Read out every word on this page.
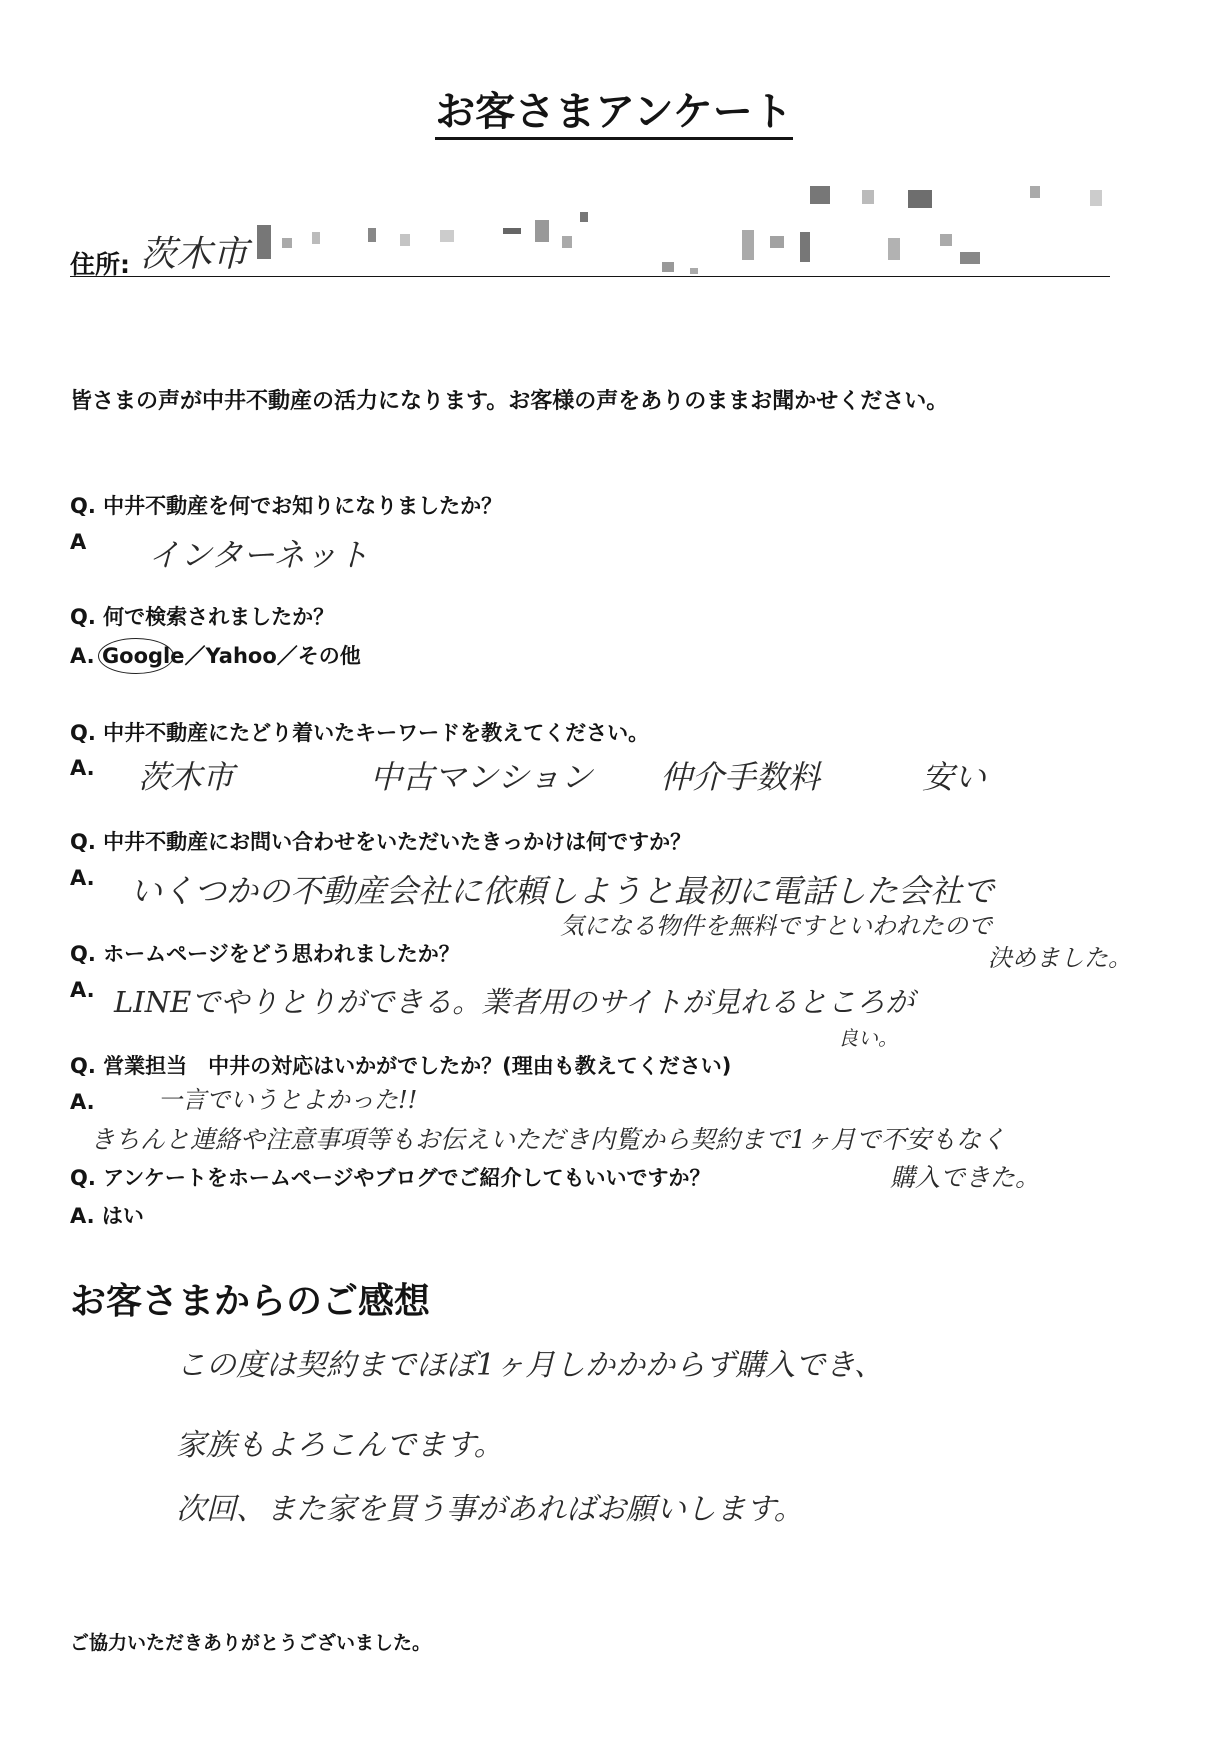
お客さまアンケート
住所: 茨木市
皆さまの声が中井不動産の活力になります。お客様の声をありのままお聞かせください。
Q. 中井不動産を何でお知りになりましたか？
A インターネット
Q. 何で検索されましたか？
A. Google／Yahoo／その他
Q. 中井不動産にたどり着いたキーワードを教えてください。
A. 茨木市	中古マンション 仲介手数料	安い
Q. 中井不動産にお問い合わせをいただいたきっかけは何ですか？
A. いくつかの不動産会社に依頼しようと最初に電話した会社で
気になる物件を無料ですといわれたので
決めました。
Q. ホームページをどう思われましたか？
A. LINEでやりとりができる。業者用のサイトが見れるところが
良い。
Q. 営業担当　中井の対応はいかがでしたか？(理由も教えてください)
A.	一言でいうとよかった!!
きちんと連絡や注意事項等もお伝えいただき内覧から契約まで1ヶ月で不安もなく
購入できた。
Q. アンケートをホームページやブログでご紹介してもいいですか？
A. はい
お客さまからのご感想
この度は契約までほぼ1ヶ月しかかからず購入でき、
家族もよろこんでます。
次回、また家を買う事があればお願いします。
ご協力いただきありがとうございました。
